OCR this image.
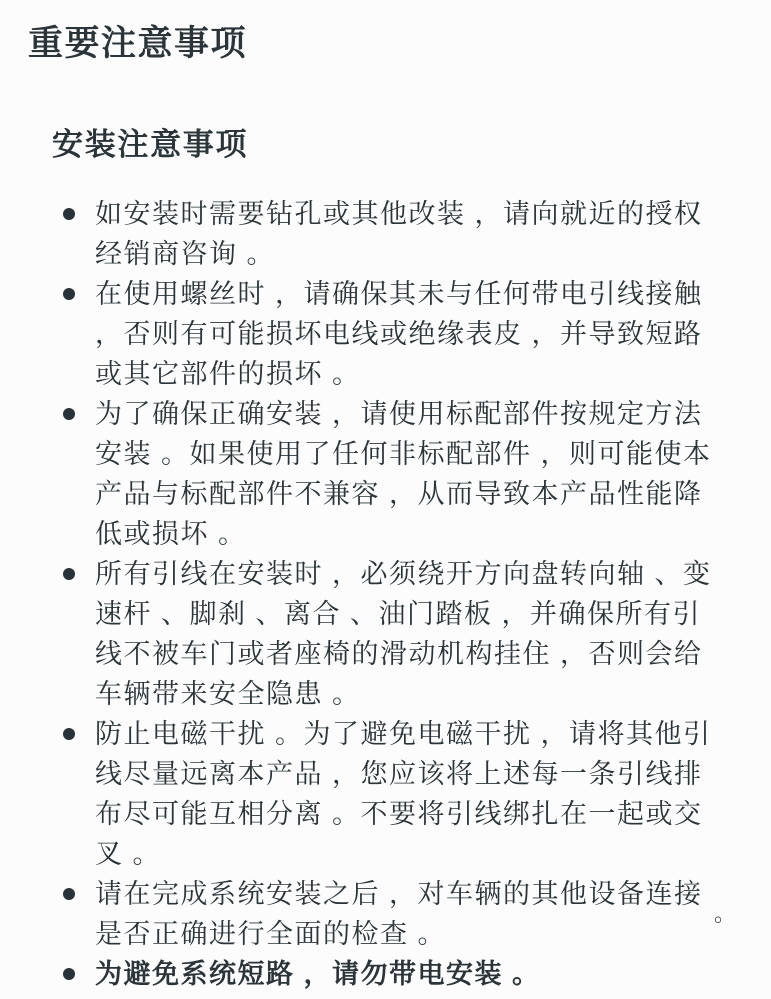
重要注意事项
安装注意事项
如安装时需要钻孔或其他改装 ，请向就近的授权经销商咨询 。
在使用螺丝时 ，请确保其未与任何带电引线接触 ，否则有可能损坏电线或绝缘表皮 ，并导致短路或其它部件的损坏 。
为了确保正确安装 ，请使用标配部件按规定方法安装 。如果使用了任何非标配部件 ，则可能使本产品与标配部件不兼容 ，从而导致本产品性能降低或损坏 。
所有引线在安装时 ，必须绕开方向盘转向轴 、变速杆 、脚刹 、离合 、油门踏板 ，并确保所有引线不被车门或者座椅的滑动机构挂住 ，否则会给车辆带来安全隐患 。
防止电磁干扰 。为了避免电磁干扰 ，请将其他引线尽量远离本产品 ，您应该将上述每一条引线排布尽可能互相分离 。不要将引线绑扎在一起或交叉 。
请在完成系统安装之后 ，对车辆的其他设备连接是否正确进行全面的检查 。
为避免系统短路 ，请勿带电安装 。
。
